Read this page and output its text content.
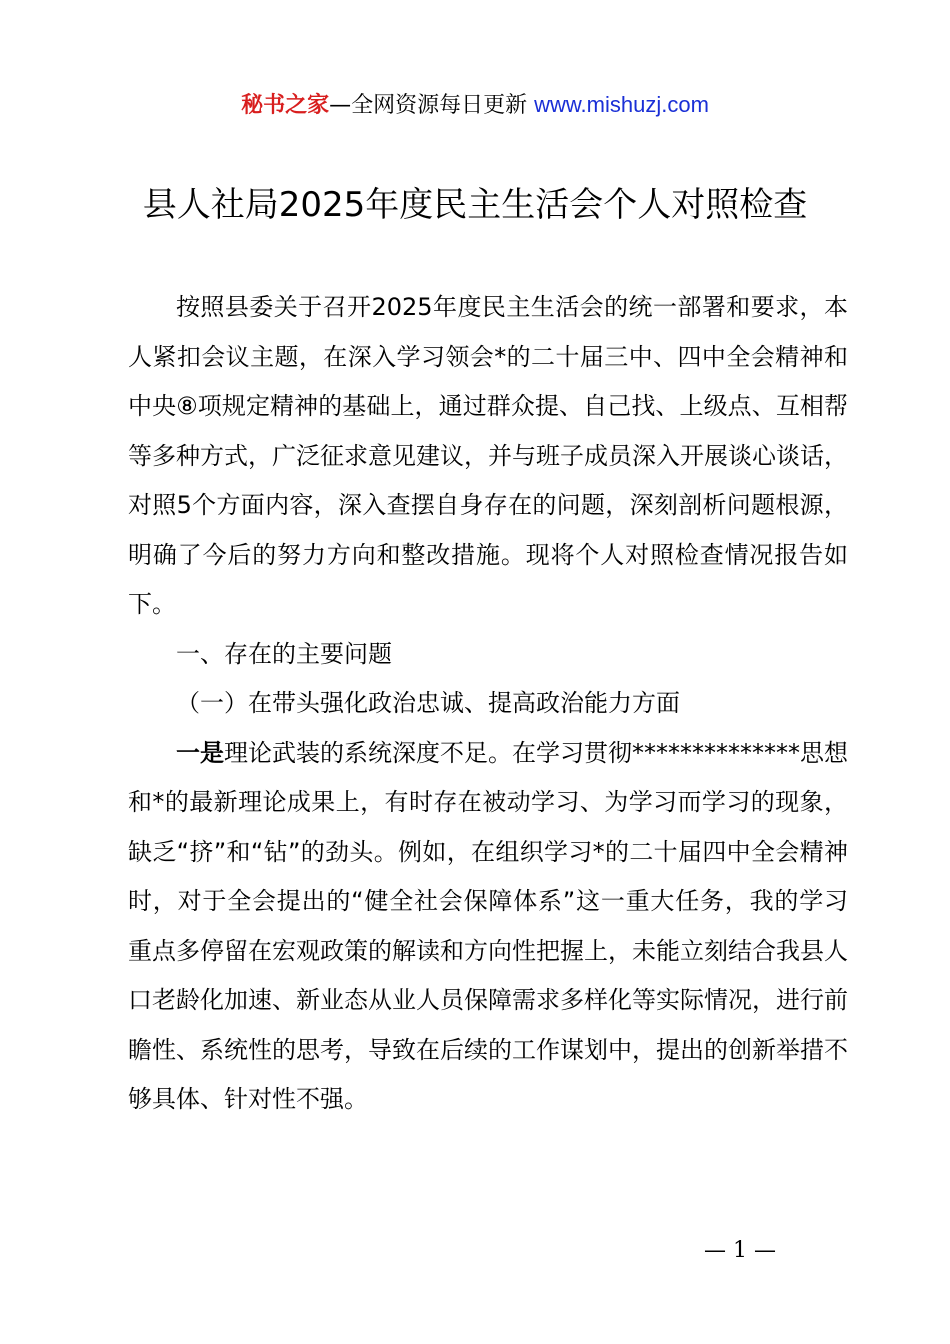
秘书之家—全网资源每日更新 www.mishuzj.com
县人社局2025年度民主生活会个人对照检查

按照县委关于召开2025年度民主生活会的统一部署和要求，本人紧扣会议主题，在深入学习领会*的二十届三中、四中全会精神和中央⑧项规定精神的基础上，通过群众提、自己找、上级点、互相帮等多种方式，广泛征求意见建议，并与班子成员深入开展谈心谈话，对照5个方面内容，深入查摆自身存在的问题，深刻剖析问题根源，明确了今后的努力方向和整改措施。现将个人对照检查情况报告如下。

一、存在的主要问题

（一）在带头强化政治忠诚、提高政治能力方面

一是理论武装的系统深度不足。在学习贯彻**************思想和*的最新理论成果上，有时存在被动学习、为学习而学习的现象，缺乏“挤”和“钻”的劲头。例如，在组织学习*的二十届四中全会精神时，对于全会提出的“健全社会保障体系”这一重大任务，我的学习重点多停留在宏观政策的解读和方向性把握上，未能立刻结合我县人口老龄化加速、新业态从业人员保障需求多样化等实际情况，进行前瞻性、系统性的思考，导致在后续的工作谋划中，提出的创新举措不够具体、针对性不强。

— 1 —
